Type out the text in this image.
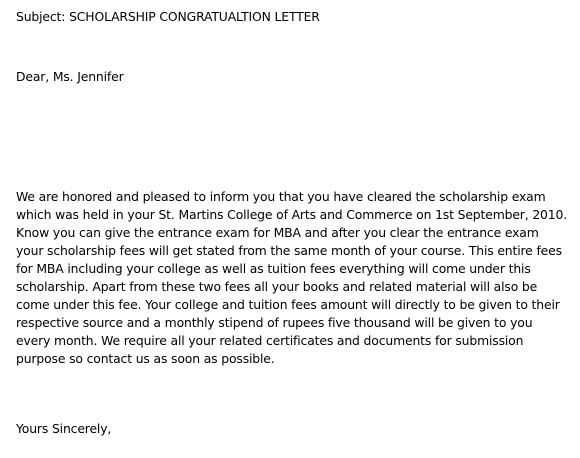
Subject: SCHOLARSHIP CONGRATUALTION LETTER
Dear, Ms. Jennifer
We are honored and pleased to inform you that you have cleared the scholarship exam
which was held in your St. Martins College of Arts and Commerce on 1st September, 2010.
Know you can give the entrance exam for MBA and after you clear the entrance exam
your scholarship fees will get stated from the same month of your course. This entire fees
for MBA including your college as well as tuition fees everything will come under this
scholarship. Apart from these two fees all your books and related material will also be
come under this fee. Your college and tuition fees amount will directly to be given to their
respective source and a monthly stipend of rupees five thousand will be given to you
every month. We require all your related certificates and documents for submission
purpose so contact us as soon as possible.
Yours Sincerely,
